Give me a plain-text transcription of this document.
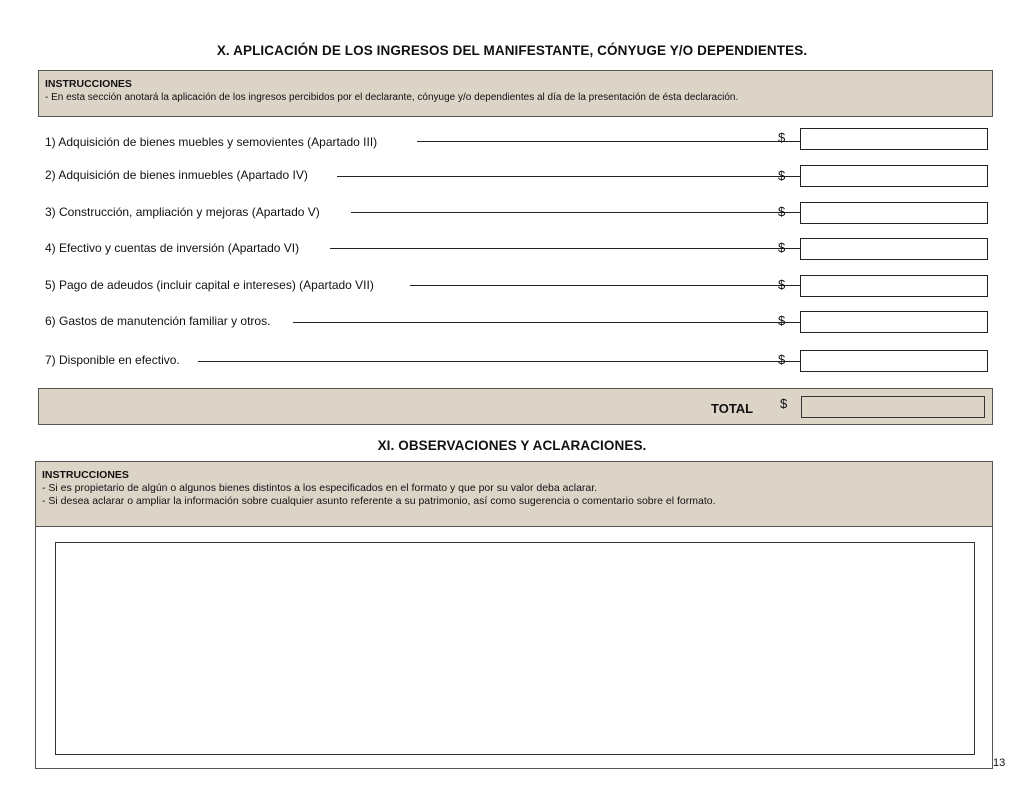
X. APLICACIÓN DE LOS INGRESOS DEL MANIFESTANTE, CÓNYUGE Y/O DEPENDIENTES.
INSTRUCCIONES
- En esta sección anotará la aplicación de los ingresos percibidos por el declarante, cónyuge y/o dependientes al día de la presentación de ésta declaración.
1) Adquisición de bienes muebles y semovientes (Apartado III)	$
2) Adquisición de bienes inmuebles (Apartado IV)	$
3) Construcción, ampliación y mejoras (Apartado V)	$
4) Efectivo y cuentas de inversión (Apartado VI)	$
5) Pago de adeudos (incluir capital e intereses) (Apartado VII)	$
6) Gastos de manutención familiar y otros.	$
7) Disponible en efectivo.	$
TOTAL $
XI. OBSERVACIONES Y ACLARACIONES.
INSTRUCCIONES
- Si es propietario de algún o algunos bienes distintos a los especificados en el formato y que por su valor deba aclarar.
- Si desea aclarar o ampliar la información sobre cualquier asunto referente a su patrimonio, así como sugerencia o comentario sobre el formato.
13
